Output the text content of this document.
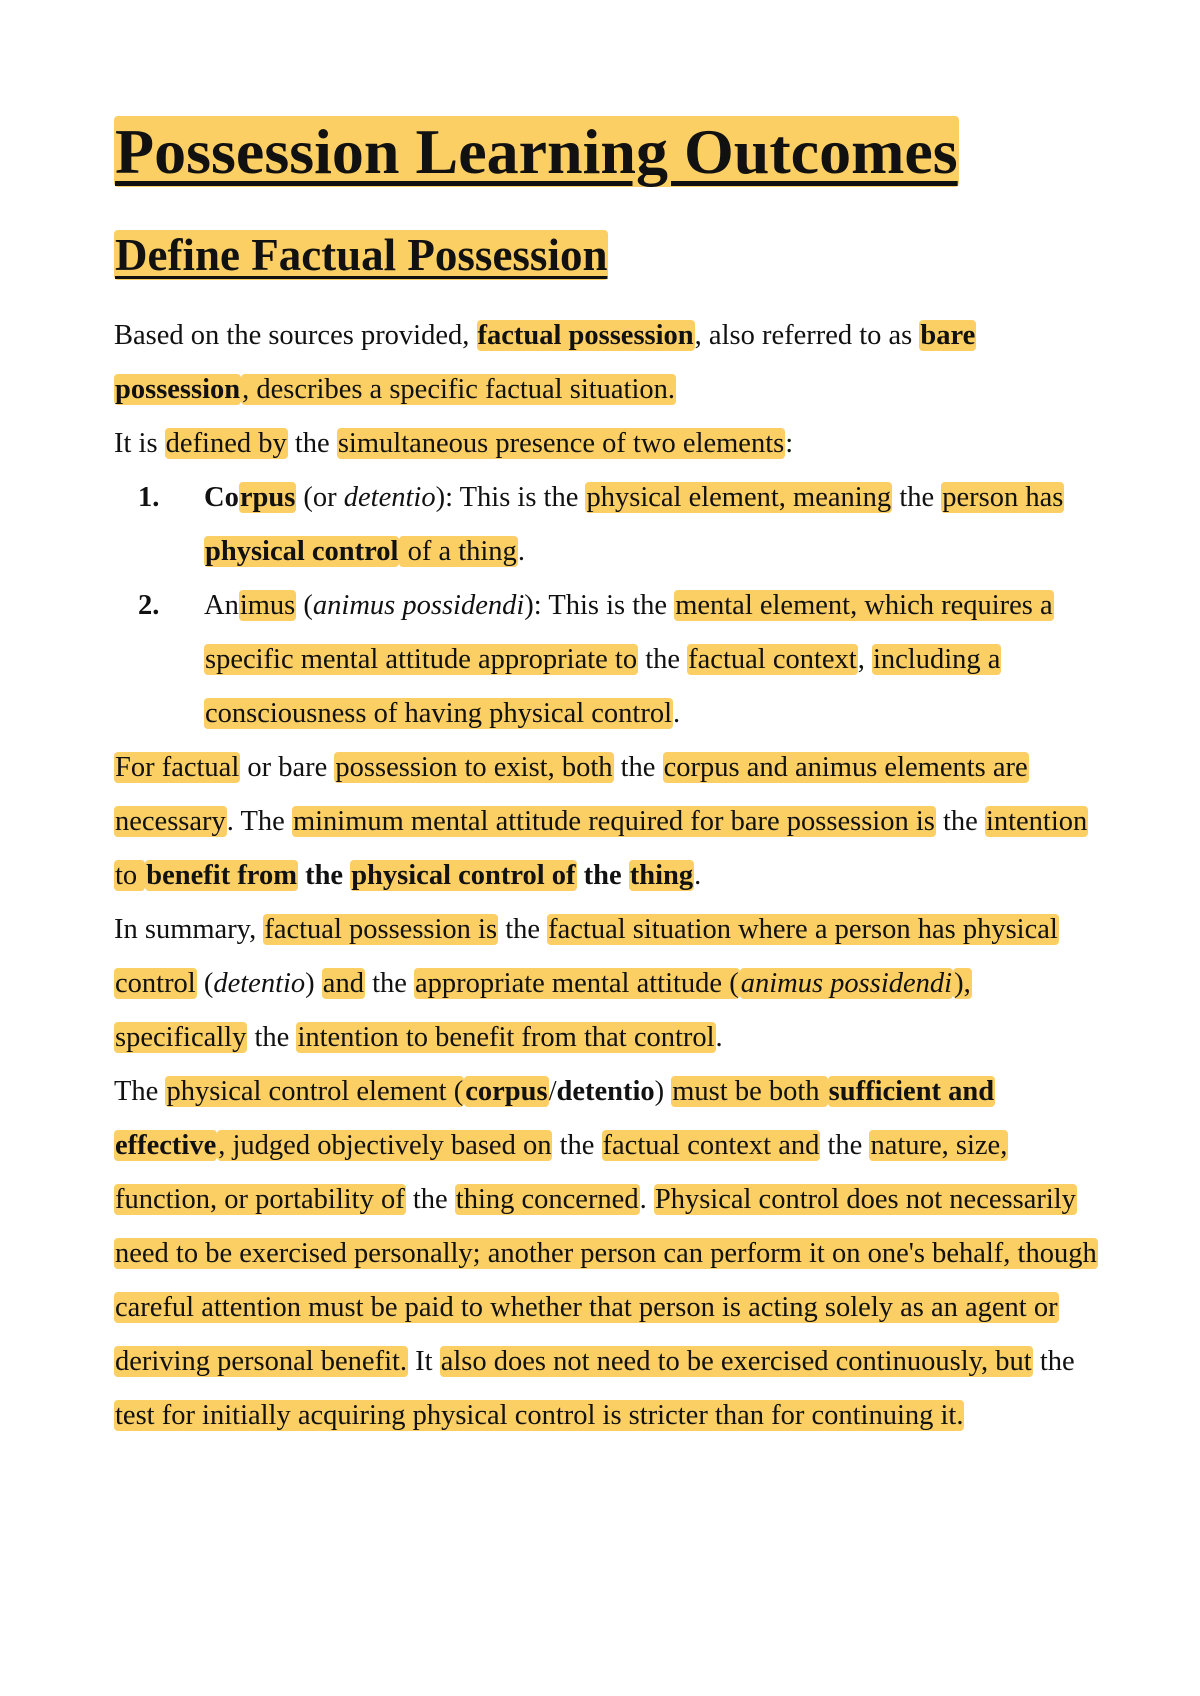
Possession Learning Outcomes
Define Factual Possession

Based on the sources provided, factual possession, also referred to as bare possession, describes a specific factual situation.

It is defined by the simultaneous presence of two elements:

1. Corpus (or detentio): This is the physical element, meaning the person has physical control of a thing.
2. Animus (animus possidendi): This is the mental element, which requires a specific mental attitude appropriate to the factual context, including a consciousness of having physical control.

For factual or bare possession to exist, both the corpus and animus elements are necessary. The minimum mental attitude required for bare possession is the intention to benefit from the physical control of the thing.

In summary, factual possession is the factual situation where a person has physical control (detentio) and the appropriate mental attitude (animus possidendi), specifically the intention to benefit from that control.

The physical control element (corpus/detentio) must be both sufficient and effective, judged objectively based on the factual context and the nature, size, function, or portability of the thing concerned. Physical control does not necessarily need to be exercised personally; another person can perform it on one's behalf, though careful attention must be paid to whether that person is acting solely as an agent or deriving personal benefit. It also does not need to be exercised continuously, but the test for initially acquiring physical control is stricter than for continuing it.
